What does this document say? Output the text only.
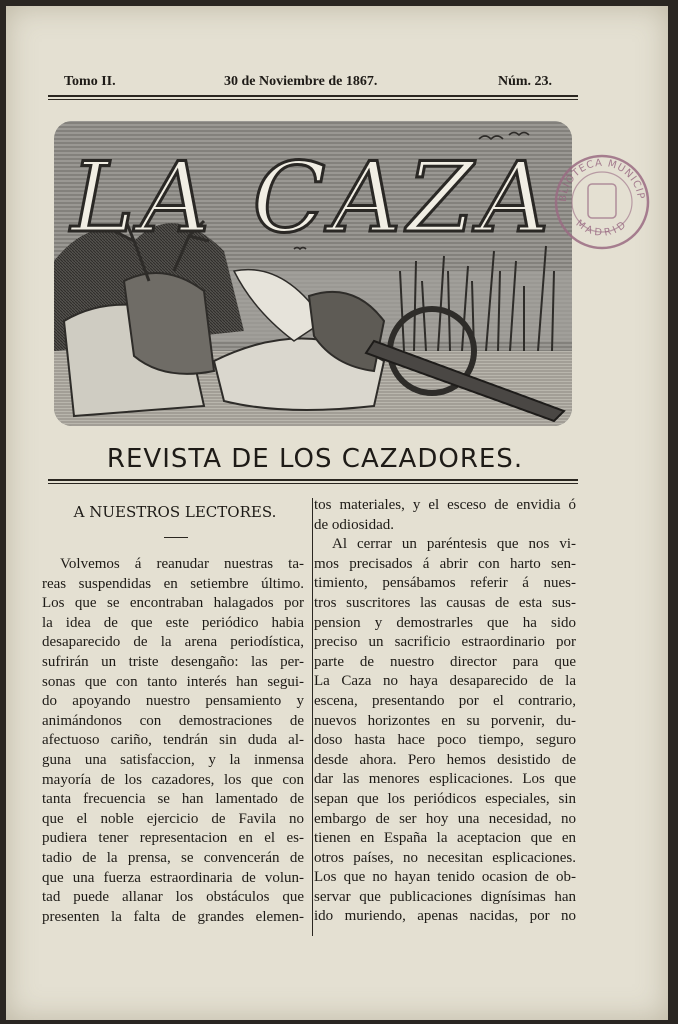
Tomo II.	30 de Noviembre de 1867.	Núm. 23.
LA CAZA BLIOTECA MUNICIP
MADRID
REVISTA DE LOS CAZADORES.
A NUESTROS LECTORES.
Volvemos á reanudar nuestras ta-
reas suspendidas en setiembre último.
Los que se encontraban halagados por
la idea de que este periódico habia
desaparecido de la arena periodística,
sufrirán un triste desengaño: las per-
sonas que con tanto interés han segui-
do apoyando nuestro pensamiento y
animándonos con demostraciones de
afectuoso cariño, tendrán sin duda al-
guna una satisfaccion, y la inmensa
mayoría de los cazadores, los que con
tanta frecuencia se han lamentado de
que el noble ejercicio de Favila no
pudiera tener representacion en el es-
tadio de la prensa, se convencerán de
que una fuerza estraordinaria de volun-
tad puede allanar los obstáculos que
presenten la falta de grandes elemen-
tos materiales, y el esceso de envidia ó
de odiosidad.
Al cerrar un paréntesis que nos vi-
mos precisados á abrir con harto sen-
timiento, pensábamos referir á nues-
tros suscritores las causas de esta sus-
pension y demostrarles que ha sido
preciso un sacrificio estraordinario por
parte de nuestro director para que
La Caza no haya desaparecido de la
escena, presentando por el contrario,
nuevos horizontes en su porvenir, du-
doso hasta hace poco tiempo, seguro
desde ahora. Pero hemos desistido de
dar las menores esplicaciones. Los que
sepan que los periódicos especiales, sin
embargo de ser hoy una necesidad, no
tienen en España la aceptacion que en
otros países, no necesitan esplicaciones.
Los que no hayan tenido ocasion de ob-
servar que publicaciones dignísimas han
ido muriendo, apenas nacidas, por no
